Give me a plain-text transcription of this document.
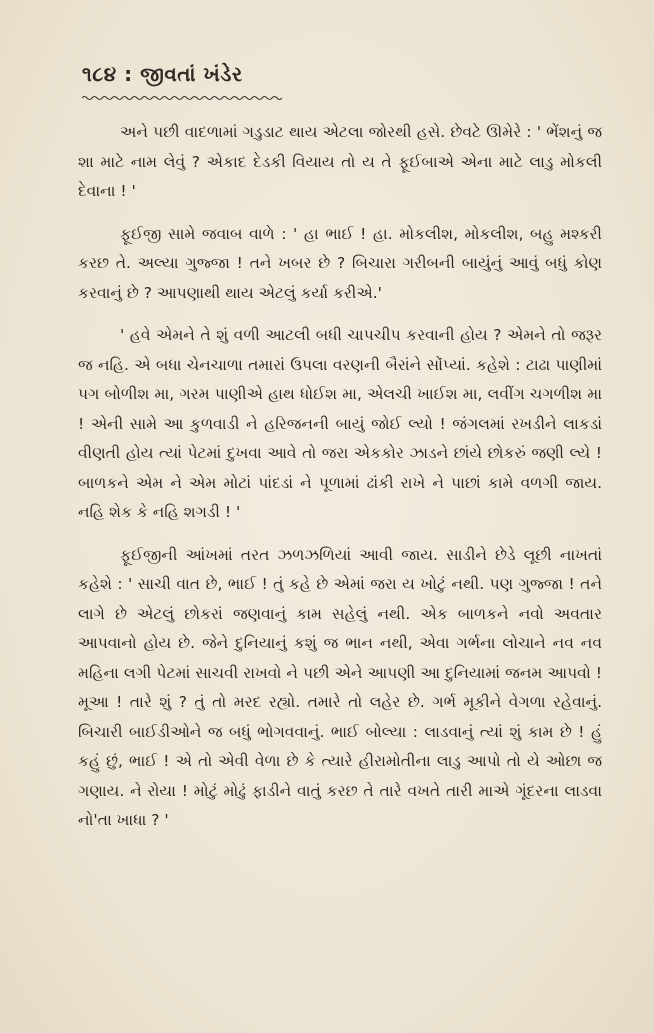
૧૮૪ : જીવતાં ખંડેર

અને પછી વાદળામાં ગડુડાટ થાય એટલા જોરથી હસે. છેવટે ઊમેરે : ' ભેંશનું જ શા માટે નામ લેવું ? એકાદ દેડકી વિયાય તો ય તે ફૂઈબાએ એના માટે લાડુ મોકલી દેવાના ! '

ફૂઈજી સામે જવાબ વાળે : ' હા ભાઈ ! હા. મોકલીશ, મોકલીશ, બહુ મશ્કરી કરછ તે. અલ્યા ગુજ્જા ! તને ખબર છે ? બિચારા ગરીબની બાયુંનું આવું બધું કોણ કરવાનું છે ? આપણાથી થાય એટલું કર્યા કરીએ.'

' હવે એમને તે શું વળી આટલી બધી ચાપચીપ કરવાની હોય ? એમને તો જરૂર જ નહિ. એ બધા ચેનચાળા તમારાં ઉપલા વરણની બૈરાંને સોંપ્યાં. કહેશે : ટાઢા પાણીમાં પગ બોળીશ મા, ગરમ પાણીએ હાથ ધોઈશ મા, એલચી ખાઈશ મા, લવીંગ ચગળીશ મા ! એની સામે આ કુળવાડી ને હરિજનની બાયું જોઈ લ્યો ! જંગલમાં રખડીને લાકડાં વીણતી હોય ત્યાં પેટમાં દુખવા આવે તો જરા એકકોર ઝાડને છાંયે છોકરું જણી લ્યે ! બાળકને એમ ને એમ મોટાં પાંદડાં ને પૂળામાં ઢાંકી રાખે ને પાછાં કામે વળગી જાય. નહિ શેક કે નહિ શગડી ! '

ફૂઈજીની આંખમાં તરત ઝળઝળિયાં આવી જાય. સાડીને છેડે લૂછી નાખતાં કહેશે : ' સાચી વાત છે, ભાઈ ! તું કહે છે એમાં જરા ય ખોટું નથી. પણ ગુજ્જા ! તને લાગે છે એટલું છોકરાં જણવાનું કામ સહેલું નથી. એક બાળકને નવો અવતાર આપવાનો હોય છે. જેને દુનિયાનું કશું જ ભાન નથી, એવા ગર્ભના લોચાને નવ નવ મહિના લગી પેટમાં સાચવી રાખવો ને પછી એને આપણી આ દુનિયામાં જનમ આપવો ! મૂઆ ! તારે શું ? તું તો મરદ રહ્યો. તમારે તો લહેર છે. ગર્ભ મૂકીને વેગળા રહેવાનું. બિચારી બાઈડીઓને જ બધું ભોગવવાનું. ભાઈ બોલ્યા : લાડવાનું ત્યાં શું કામ છે ! હું કહું છું, ભાઈ ! એ તો એવી વેળા છે કે ત્યારે હીરામોતીના લાડુ આપો તો યે ઓછા જ ગણાય. ને રોયા ! મોટું મોઢું ફાડીને વાતું કરછ તે તારે વખતે તારી માએ ગૂંદરના લાડવા નો'તા ખાધા ? '
